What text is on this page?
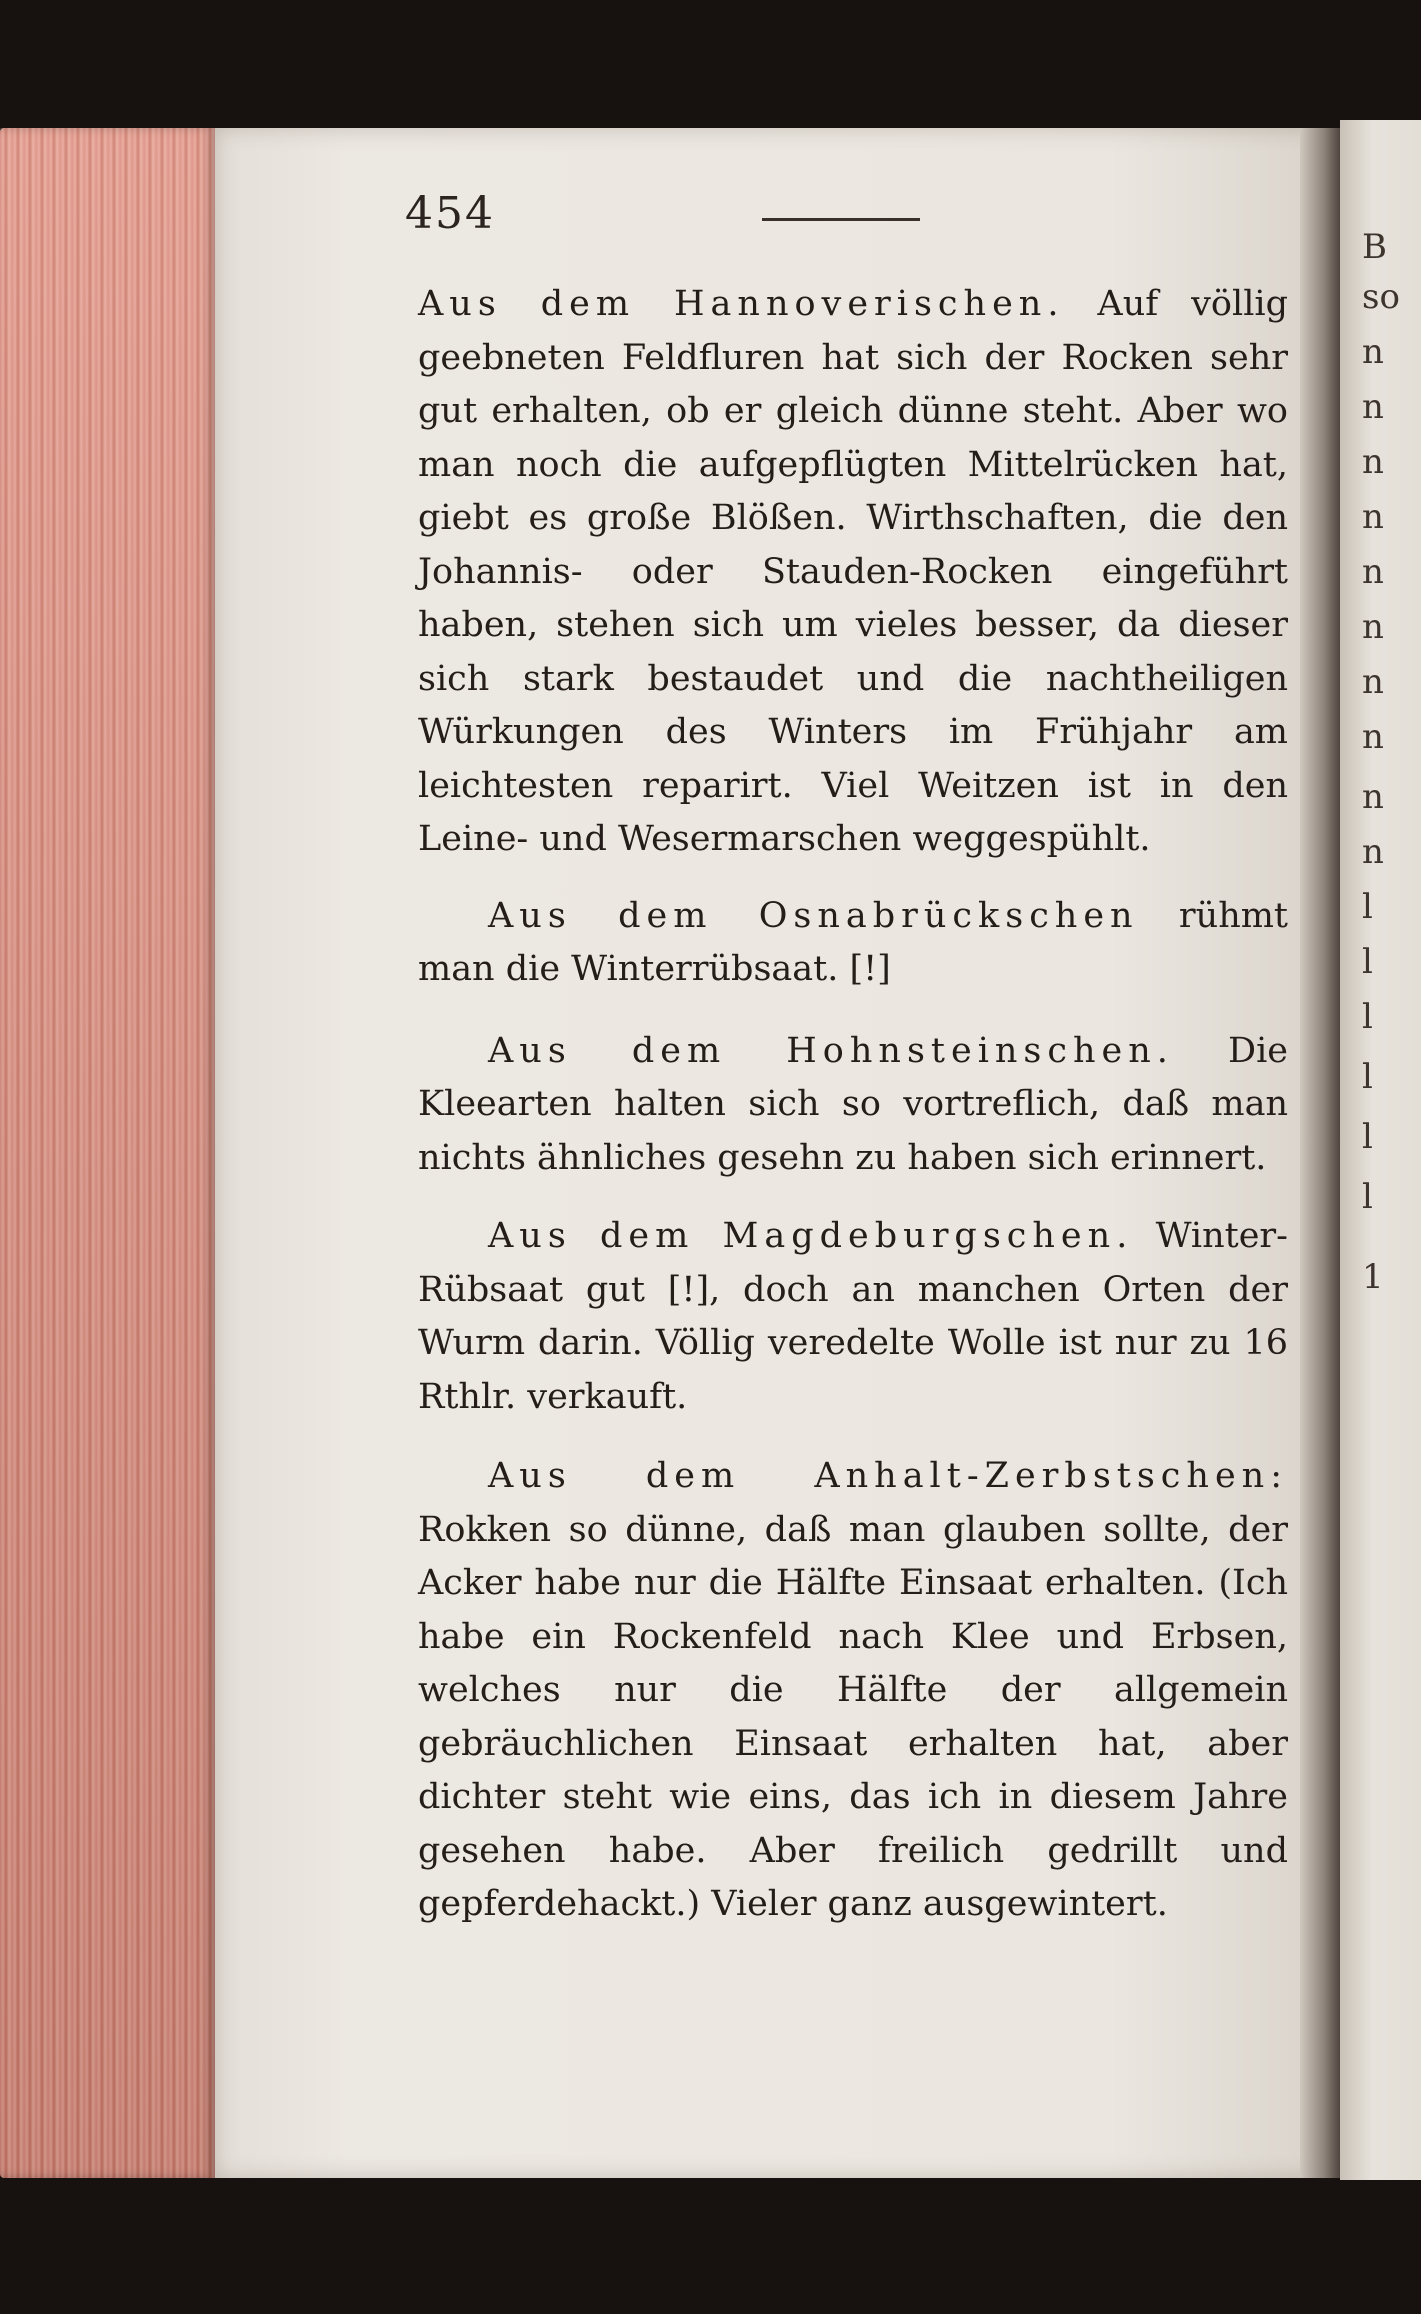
B
so
n
n
n
n
n
n
n
n
n
n
l
l
l
l
l
l
1
454

Aus dem Hannoverischen. Auf völlig geebneten Feldfluren hat sich der Rocken sehr gut erhalten, ob er gleich dünne steht. Aber wo man noch die aufgepflügten Mittelrücken hat, giebt es große Blößen. Wirthschaften, die den Johannis- oder Stauden-Rocken eingeführt haben, stehen sich um vieles besser, da dieser sich stark bestaudet und die nachtheiligen Würkungen des Winters im Frühjahr am leichtesten reparirt. Viel Weitzen ist in den Leine- und Wesermarschen weggespühlt.

Aus dem Osnabrückschen rühmt man die Winterrübsaat. [!]

Aus dem Hohnsteinschen. Die Kleearten halten sich so vortreflich, daß man nichts ähnliches gesehn zu haben sich erinnert.

Aus dem Magdeburgschen. Winter-Rübsaat gut [!], doch an manchen Orten der Wurm darin. Völlig veredelte Wolle ist nur zu 16 Rthlr. verkauft.

Aus dem Anhalt-Zerbstschen: Rokken so dünne, daß man glauben sollte, der Acker habe nur die Hälfte Einsaat erhalten. (Ich habe ein Rockenfeld nach Klee und Erbsen, welches nur die Hälfte der allgemein gebräuchlichen Einsaat erhalten hat, aber dichter steht wie eins, das ich in diesem Jahre gesehen habe. Aber freilich gedrillt und gepferdehackt.) Vieler ganz ausgewintert.
